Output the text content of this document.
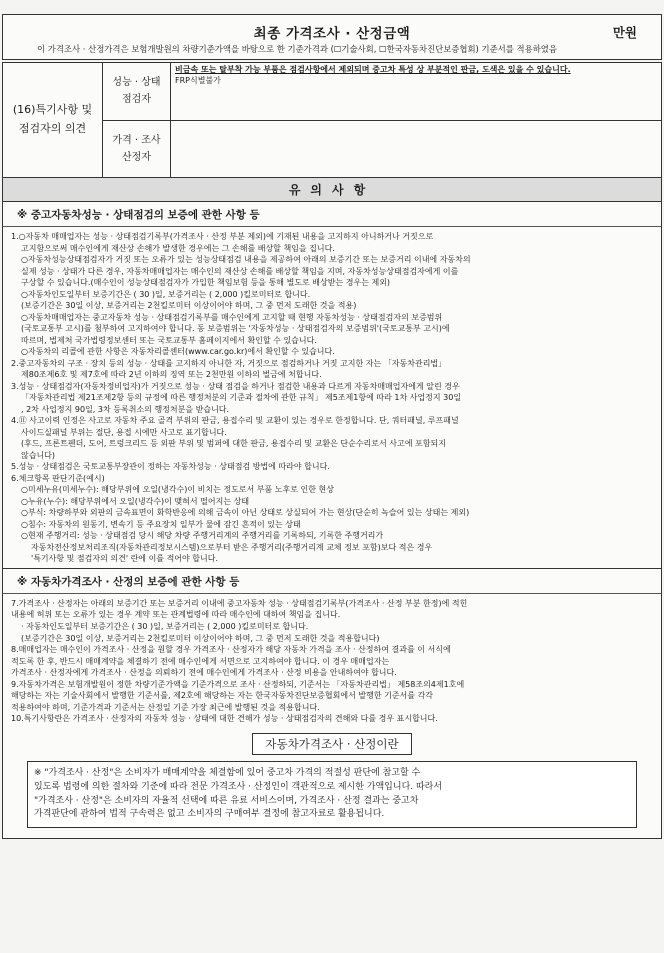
최종 가격조사 · 산정금액	만원
이 가격조사 · 산정가격은 보험개발원의 차량기준가액을 바탕으로 한 기준가격과 (☐기술사회, ☐한국자동차진단보증협회) 기준서를 적용하였음
(16)특기사항 및
점검자의 의견
성능 · 상태
점검자
비금속 또는 탈부착 가능 부품은 점검사항에서 제외되며 중고차 특성 상 부분적인 판금, 도색은 있을 수 있습니다.
FRP식별불가
가격 · 조사
산정자
유의사항
※ 중고자동차성능 · 상태점검의 보증에 관한 사항 등

1.○자동차 매매업자는 성능 · 상태점검기록부(가격조사 · 산정 부분 제외)에 기재된 내용을 고지하지 아니하거나 거짓으로

고지함으로써 매수인에게 재산상 손해가 발생한 경우에는 그 손해를 배상할 책임을 집니다.

○자동차성능상태점검자가 거짓 또는 오류가 있는 성능상태점검 내용을 제공하여 아래의 보증기간 또는 보증거리 이내에 자동차의

실제 성능 · 상태가 다른 경우, 자동차매매업자는 매수인의 재산상 손해를 배상할 책임을 지며, 자동차성능상태점검자에게 이를

구상할 수 있습니다.(매수인이 성능상태점검자가 가입한 책임보험 등을 통해 별도로 배상받는 경우는 제외)

○자동차인도일부터 보증기간은 ( 30 )일, 보증거리는 ( 2,000 )킬로미터로 합니다.

(보증기간은 30일 이상, 보증거리는 2천킬로미터 이상이어야 하며, 그 중 먼저 도래한 것을 적용)

○자동차매매업자는 중고자동차 성능 · 상태점검기록부를 매수인에게 고지할 때 현행 자동차성능 · 상태점검자의 보증범위

(국토교통부 고시)를 첨부하여 고지하여야 합니다. 동 보증범위는 '자동차성능 · 상태점검자의 보증범위'(국토교통부 고시)에

따르며, 법제처 국가법령정보센터 또는 국토교통부 홈페이지에서 확인할 수 있습니다.

○자동차의 리콜에 관한 사항은 자동차리콜센터(www.car.go.kr)에서 확인할 수 있습니다.

2.중고자동차의 구조 · 장치 등의 성능 · 상태를 고지하지 아니한 자, 거짓으로 점검하거나 거짓 고지한 자는 「자동차관리법」

제80조제6호 및 제7호에 따라 2년 이하의 징역 또는 2천만원 이하의 벌금에 처합니다.

3.성능 · 상태점검자(자동차정비업자)가 거짓으로 성능 · 상태 점검을 하거나 점검한 내용과 다르게 자동차매매업자에게 알린 경우

「자동차관리법 제21조제2항 등의 규정에 따른 행정처분의 기준과 절차에 관한 규칙」 제5조제1항에 따라 1차 사업정지 30일

, 2차 사업정지 90일, 3차 등록취소의 행정처분을 받습니다.

4.⑪ 사고이력 인정은 사고로 자동차 주요 골격 부위의 판금, 용접수리 및 교환이 있는 경우로 한정합니다. 단, 쿼터패널, 루프패널

사이드실패널 부위는 절단, 용접 시에만 사고로 표기합니다.

(후드, 프론트펜더, 도어, 트렁크리드 등 외판 부위 및 범퍼에 대한 판금, 용접수리 및 교환은 단순수리로서 사고에 포함되지

않습니다)

5.성능 · 상태점검은 국토교통부장관이 정하는 자동차성능 · 상태점검 방법에 따라야 합니다.

6.체크항목 판단기준(예시)

○미세누유(미세누수): 해당부위에 오일(냉각수)이 비치는 정도로서 부품 노후로 인한 현상

○누유(누수): 해당부위에서 오일(냉각수)이 맺혀서 떨어지는 상태

○부식: 차량하부와 외판의 금속표면이 화학반응에 의해 금속이 아닌 상태로 상실되어 가는 현상(단순히 녹슬어 있는 상태는 제외)

○침수: 자동차의 원동기, 변속기 등 주요장치 일부가 물에 잠긴 흔적이 있는 상태

○현재 주행거리: 성능 · 상태점검 당시 해당 차량 주행거리계의 주행거리를 기록하되, 기록한 주행거리가

자동차전산정보처리조직(자동차관리정보시스템)으로부터 받은 주행거리(주행거리계 교체 정보 포함)보다 적은 경우

'특기사항 및 점검자의 의견' 란에 이를 적어야 합니다.

※ 자동차가격조사 · 산정의 보증에 관한 사항 등

7.가격조사 · 산정자는 아래의 보증기간 또는 보증거리 이내에 중고자동차 성능 · 상태점검기록부(가격조사 · 산정 부분 한정)에 적힌

내용에 허위 또는 오류가 있는 경우 계약 또는 관계법령에 따라 매수인에 대하여 책임을 집니다.

· 자동차인도일부터 보증기간은 ( 30 )일, 보증거리는 ( 2,000 )킬로미터로 합니다.

(보증기간은 30일 이상, 보증거리는 2천킬로미터 이상이어야 하며, 그 중 먼저 도래한 것을 적용합니다)

8.매매업자는 매수인이 가격조사 · 산정을 원할 경우 가격조사 · 산정자가 해당 자동차 가격을 조사 · 산정하여 결과를 이 서식에

적도록 한 후, 반드시 매매계약을 체결하기 전에 매수인에게 서면으로 고지하여야 합니다. 이 경우 매매업자는

가격조사 · 산정자에게 가격조사 · 산정을 의뢰하기 전에 매수인에게 가격조사 · 산정 비용을 안내하여야 합니다.

9.자동차가격은 보험개발원이 정한 차량기준가액을 기준가격으로 조사 · 산정하되, 기준서는 「자동차관리법」 제58조의4제1호에

해당하는 자는 기술사회에서 발행한 기준서를, 제2호에 해당하는 자는 한국자동차진단보증협회에서 발행한 기준서를 각각

적용하여야 하며, 기준가격과 기준서는 산정일 기준 가장 최근에 발행된 것을 적용합니다.

10.특기사항란은 가격조사 · 산정자의 자동차 성능 · 상태에 대한 견해가 성능 · 상태점검자의 견해와 다를 경우 표시합니다.

자동차가격조사 · 산정이란

※ "가격조사 · 산정"은 소비자가 매매계약을 체결함에 있어 중고차 가격의 적절성 판단에 참고할 수

있도록 법령에 의한 절차와 기준에 따라 전문 가격조사 · 산정인이 객관적으로 제시한 가액입니다. 따라서

"가격조사 · 산정"은 소비자의 자율적 선택에 따른 유료 서비스이며, 가격조사 · 산정 결과는 중고차

가격판단에 관하여 법적 구속력은 없고 소비자의 구매여부 결정에 참고자료로 활용됩니다.
